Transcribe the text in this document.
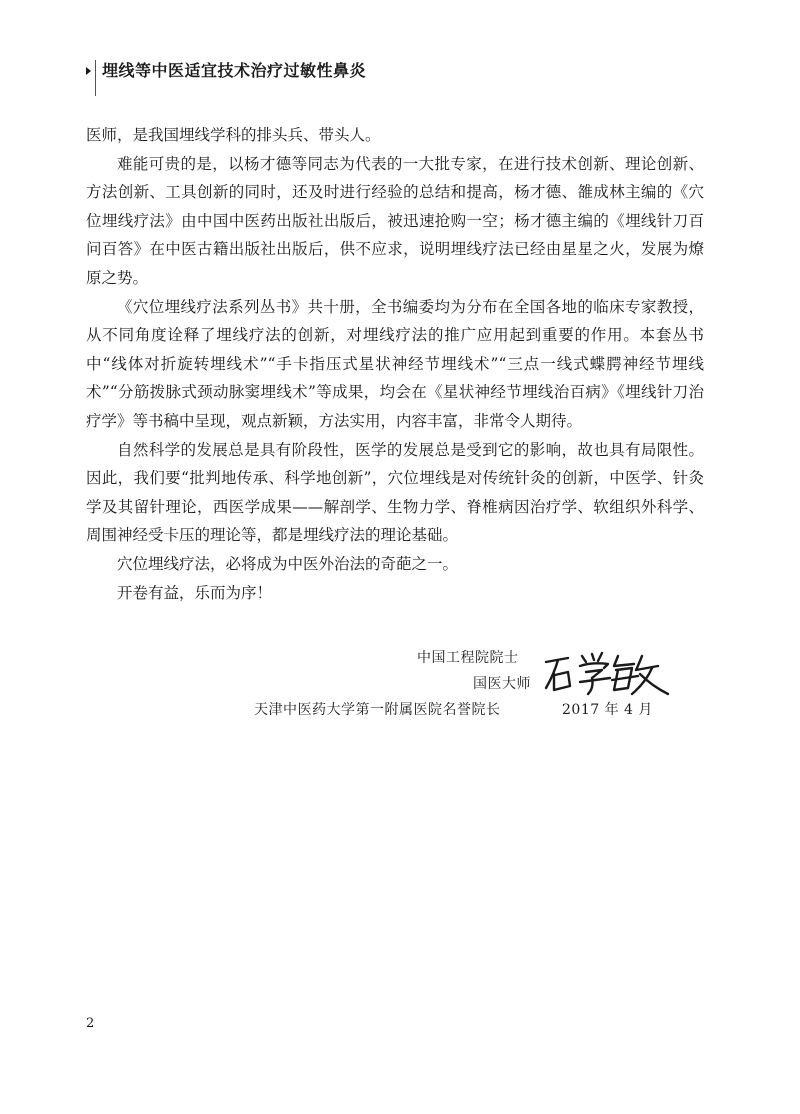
埋线等中医适宜技术治疗过敏性鼻炎

医师，是我国埋线学科的排头兵、带头人。

难能可贵的是，以杨才德等同志为代表的一大批专家，在进行技术创新、理论创新、方法创新、工具创新的同时，还及时进行经验的总结和提高，杨才德、雒成林主编的《穴位埋线疗法》由中国中医药出版社出版后，被迅速抢购一空；杨才德主编的《埋线针刀百问百答》在中医古籍出版社出版后，供不应求，说明埋线疗法已经由星星之火，发展为燎原之势。

《穴位埋线疗法系列丛书》共十册，全书编委均为分布在全国各地的临床专家教授，从不同角度诠释了埋线疗法的创新，对埋线疗法的推广应用起到重要的作用。本套丛书中“线体对折旋转埋线术”“手卡指压式星状神经节埋线术”“三点一线式蝶腭神经节埋线术”“分筋拨脉式颈动脉窦埋线术”等成果，均会在《星状神经节埋线治百病》《埋线针刀治疗学》等书稿中呈现，观点新颖，方法实用，内容丰富，非常令人期待。

自然科学的发展总是具有阶段性，医学的发展总是受到它的影响，故也具有局限性。因此，我们要“批判地传承、科学地创新”，穴位埋线是对传统针灸的创新，中医学、针灸学及其留针理论，西医学成果——解剖学、生物力学、脊椎病因治疗学、软组织外科学、周围神经受卡压的理论等，都是埋线疗法的理论基础。

穴位埋线疗法，必将成为中医外治法的奇葩之一。

开卷有益，乐而为序！

中国工程院院士
国医大师
天津中医药大学第一附属医院名誉院长	2017 年 4 月
2
